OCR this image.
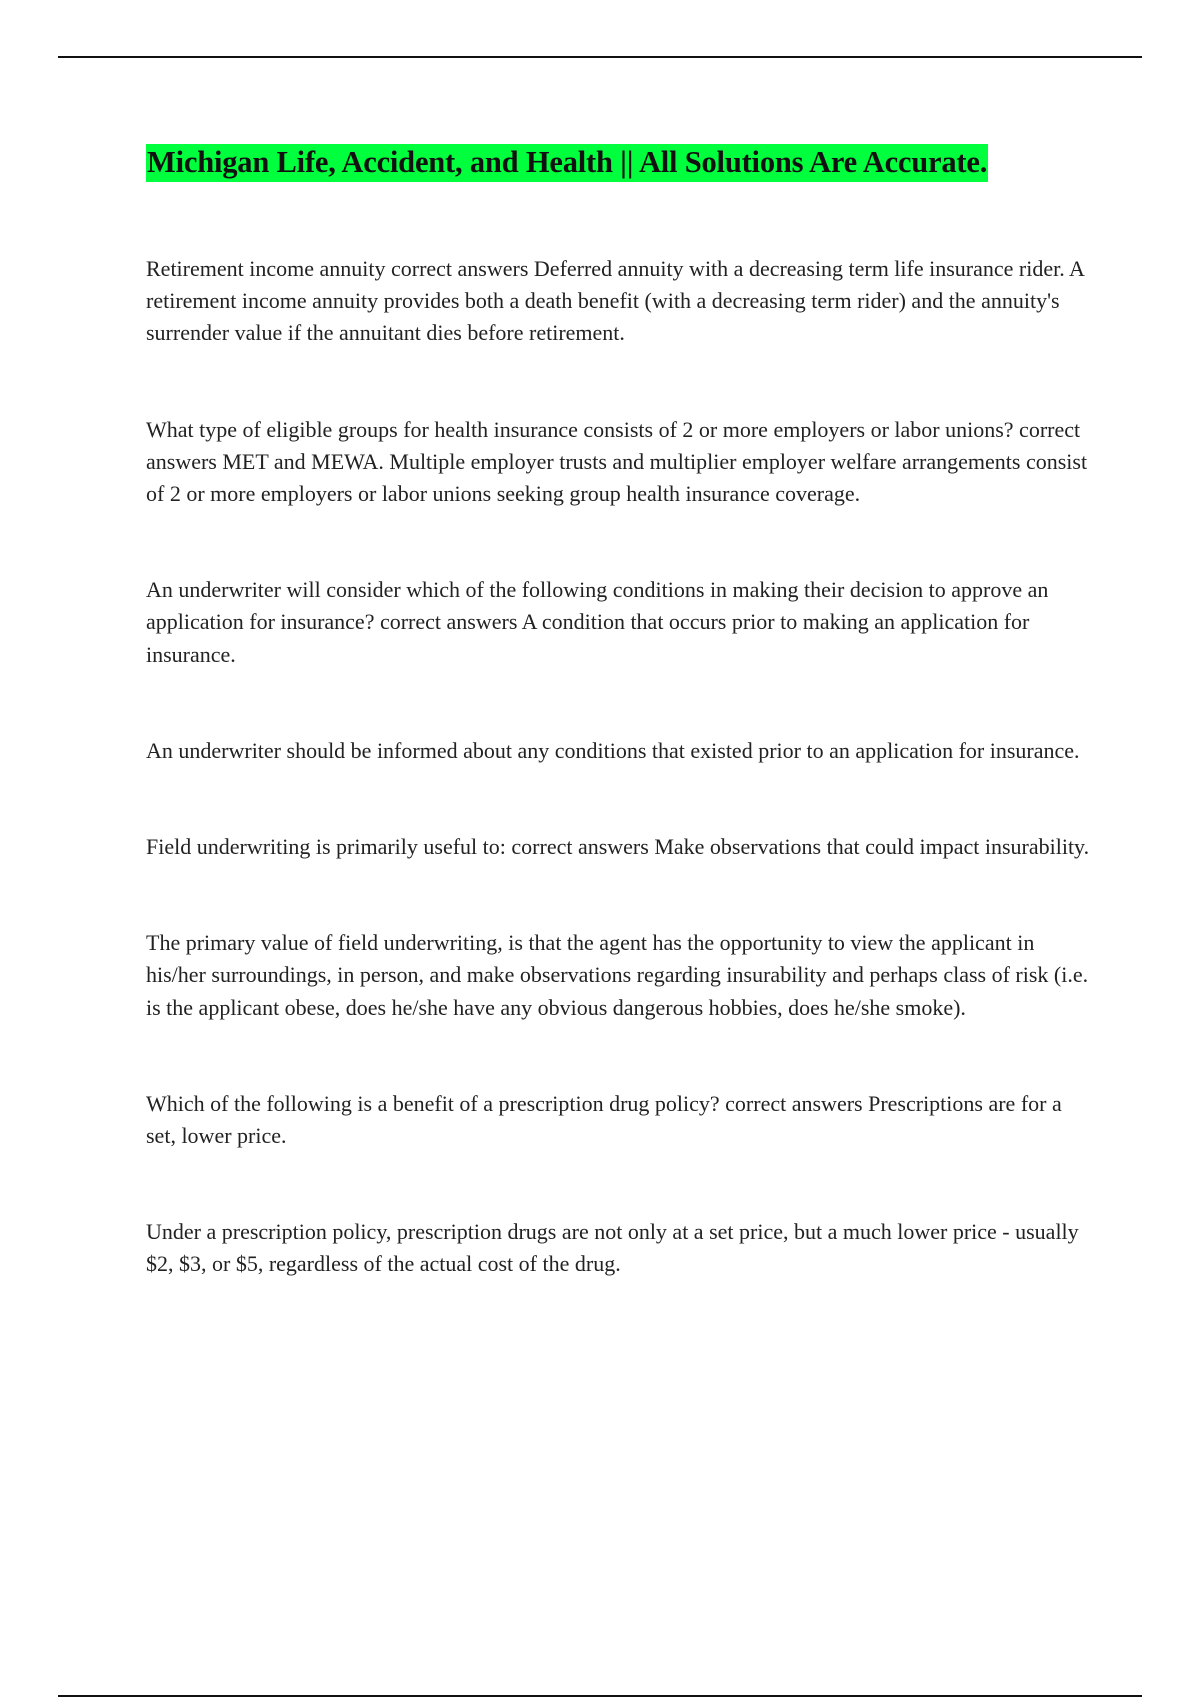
Michigan Life, Accident, and Health || All Solutions Are Accurate.

Retirement income annuity correct answers Deferred annuity with a decreasing term life insurance rider. A retirement income annuity provides both a death benefit (with a decreasing term rider) and the annuity's surrender value if the annuitant dies before retirement.

What type of eligible groups for health insurance consists of 2 or more employers or labor unions? correct answers MET and MEWA. Multiple employer trusts and multiplier employer welfare arrangements consist of 2 or more employers or labor unions seeking group health insurance coverage.

An underwriter will consider which of the following conditions in making their decision to approve an application for insurance? correct answers A condition that occurs prior to making an application for insurance.

An underwriter should be informed about any conditions that existed prior to an application for insurance.

Field underwriting is primarily useful to: correct answers Make observations that could impact insurability.

The primary value of field underwriting, is that the agent has the opportunity to view the applicant in his/her surroundings, in person, and make observations regarding insurability and perhaps class of risk (i.e. is the applicant obese, does he/she have any obvious dangerous hobbies, does he/she smoke).

Which of the following is a benefit of a prescription drug policy? correct answers Prescriptions are for a set, lower price.

Under a prescription policy, prescription drugs are not only at a set price, but a much lower price - usually $2, $3, or $5, regardless of the actual cost of the drug.
